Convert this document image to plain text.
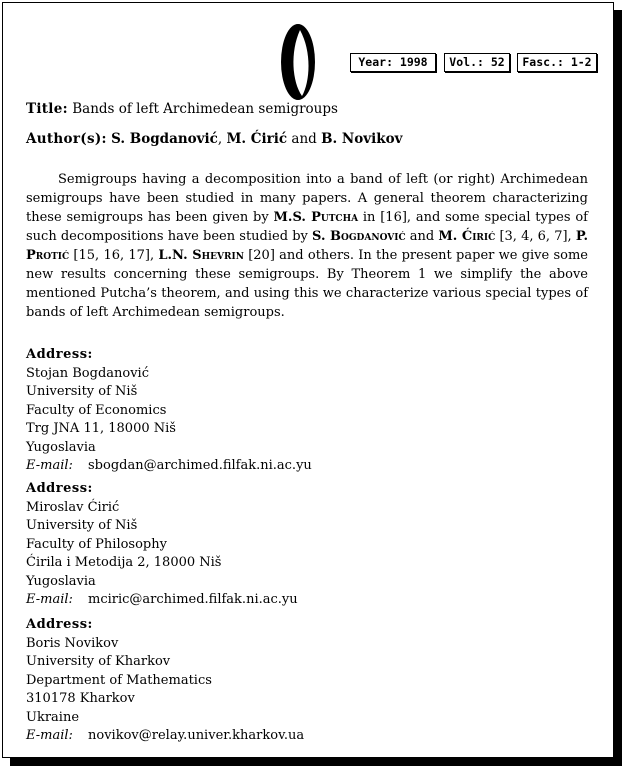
Year: 1998	Vol.: 52	Fasc.: 1-2
Title: Bands of left Archimedean semigroups
Author(s): S. Bogdanović, M. Ćirić and B. Novikov
Semigroups having a decomposition into a band of left (or right) Archimedean semigroups have been studied in many papers. A general theorem characterizing these semigroups has been given by M.S. Putcha in [16], and some special types of such decompositions have been studied by S. Bogdanović and M. Ćirić [3, 4, 6, 7], P. Protić [15, 16, 17], L.N. Shevrin [20] and others. In the present paper we give some new results concerning these semigroups. By Theorem 1 we simplify the above mentioned Putcha’s theorem, and using this we characterize various special types of bands of left Archimedean semigroups.
Address:
Stojan Bogdanović
University of Niš
Faculty of Economics
Trg JNA 11, 18000 Niš
Yugoslavia
E-mail: sbogdan@archimed.filfak.ni.ac.yu
Address:
Miroslav Ćirić
University of Niš
Faculty of Philosophy
Ćirila i Metodija 2, 18000 Niš
Yugoslavia
E-mail: mciric@archimed.filfak.ni.ac.yu
Address:
Boris Novikov
University of Kharkov
Department of Mathematics
310178 Kharkov
Ukraine
E-mail: novikov@relay.univer.kharkov.ua
